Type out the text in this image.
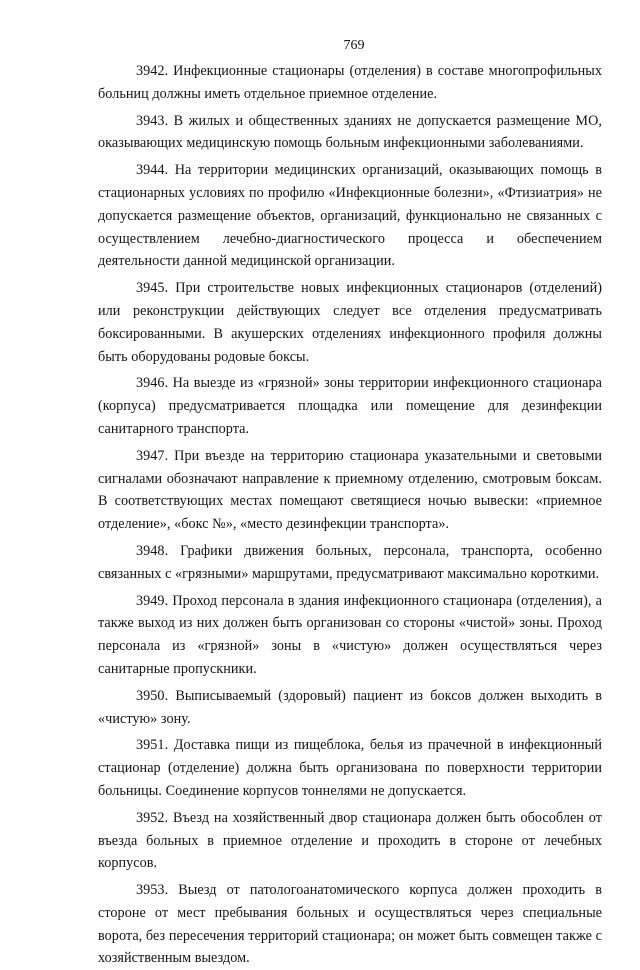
769

3942. Инфекционные стационары (отделения) в составе многопрофильных больниц должны иметь отдельное приемное отделение.

3943. В жилых и общественных зданиях не допускается размещение МО, оказывающих медицинскую помощь больным инфекционными заболеваниями.

3944. На территории медицинских организаций, оказывающих помощь в стационарных условиях по профилю «Инфекционные болезни», «Фтизиатрия» не допускается размещение объектов, организаций, функционально не связанных с осуществлением лечебно-диагностического процесса и обеспечением деятельности данной медицинской организации.

3945. При строительстве новых инфекционных стационаров (отделений) или реконструкции действующих следует все отделения предусматривать боксированными. В акушерских отделениях инфекционного профиля должны быть оборудованы родовые боксы.

3946. На выезде из «грязной» зоны территории инфекционного стационара (корпуса) предусматривается площадка или помещение для дезинфекции санитарного транспорта.

3947. При въезде на территорию стационара указательными и световыми сигналами обозначают направление к приемному отделению, смотровым боксам. В соответствующих местах помещают светящиеся ночью вывески: «приемное отделение», «бокс №», «место дезинфекции транспорта».

3948. Графики движения больных, персонала, транспорта, особенно связанных с «грязными» маршрутами, предусматривают максимально короткими.

3949. Проход персонала в здания инфекционного стационара (отделения), а также выход из них должен быть организован со стороны «чистой» зоны. Проход персонала из «грязной» зоны в «чистую» должен осуществляться через санитарные пропускники.

3950. Выписываемый (здоровый) пациент из боксов должен выходить в «чистую» зону.

3951. Доставка пищи из пищеблока, белья из прачечной в инфекционный стационар (отделение) должна быть организована по поверхности территории больницы. Соединение корпусов тоннелями не допускается.

3952. Въезд на хозяйственный двор стационара должен быть обособлен от въезда больных в приемное отделение и проходить в стороне от лечебных корпусов.

3953. Выезд от патологоанатомического корпуса должен проходить в стороне от мест пребывания больных и осуществляться через специальные ворота, без пересечения территорий стационара; он может быть совмещен также с хозяйственным выездом.
